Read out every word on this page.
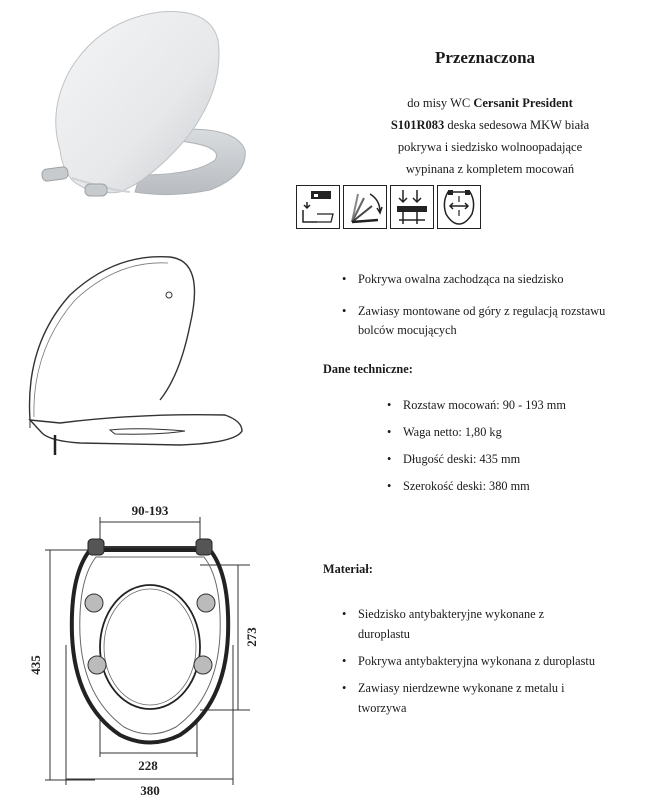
90-193
435
273
228
380
Przeznaczona
do misy WC Cersanit President
S101R083 deska sedesowa MKW biała
pokrywa i siedzisko wolnoopadające
wypinana z kompletem mocowań
• Pokrywa owalna zachodząca na siedzisko
• Zawiasy montowane od góry z regulacją rozstawu bolców mocujących
Dane techniczne:
• Rozstaw mocowań: 90 - 193 mm
• Waga netto: 1,80 kg
• Długość deski: 435 mm
• Szerokość deski: 380 mm
Materiał:
• Siedzisko antybakteryjne wykonane z duroplastu
• Pokrywa antybakteryjna wykonana z duroplastu
• Zawiasy nierdzewne wykonane z metalu i tworzywa
